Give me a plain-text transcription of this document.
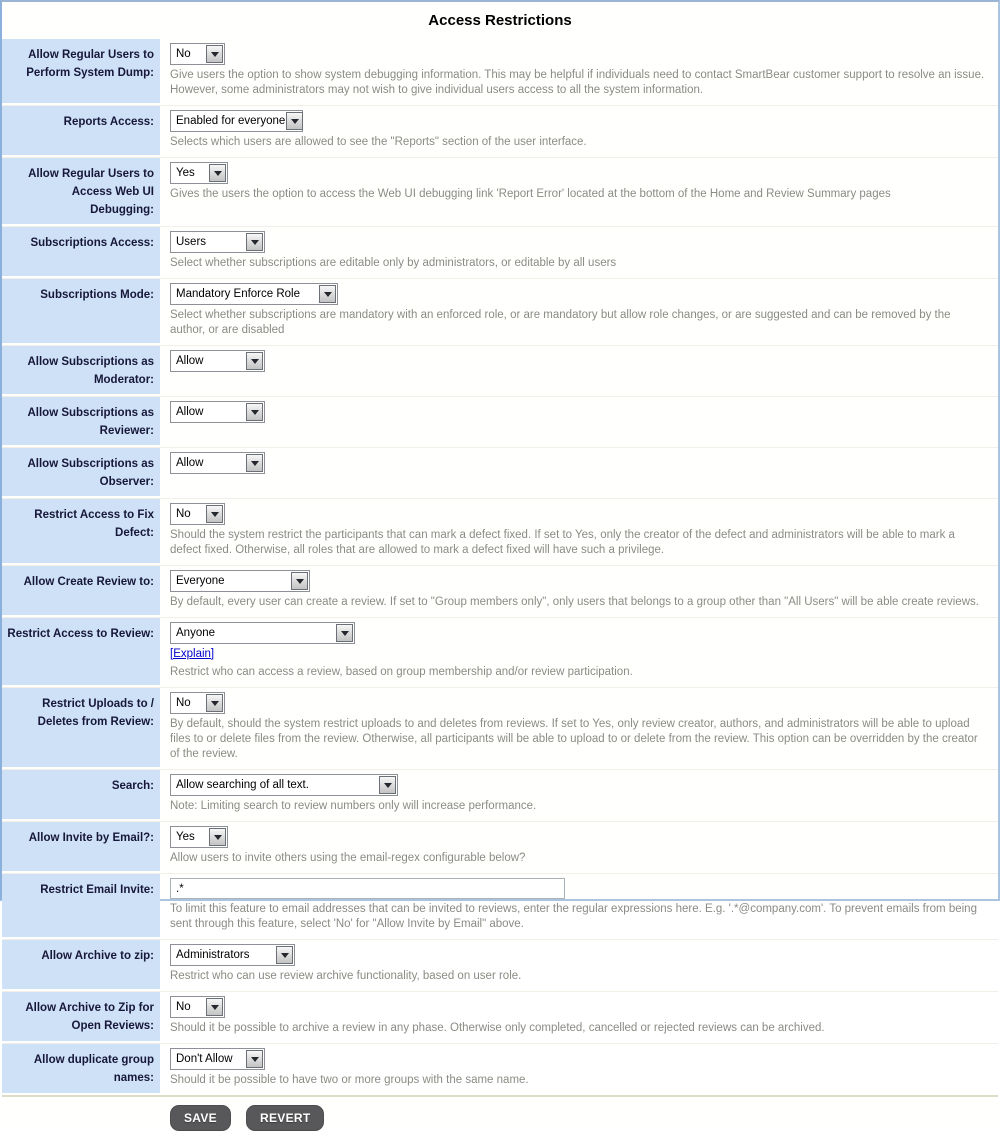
Access Restrictions
Allow Regular Users to Perform System Dump:
No
Give users the option to show system debugging information. This may be helpful if individuals need to contact SmartBear customer support to resolve an issue. However, some administrators may not wish to give individual users access to all the system information.
Reports Access:	Enabled for everyone
Selects which users are allowed to see the "Reports" section of the user interface.
Allow Regular Users to Access Web UI Debugging:
Yes
Gives the users the option to access the Web UI debugging link 'Report Error' located at the bottom of the Home and Review Summary pages
Subscriptions Access:	Users
Select whether subscriptions are editable only by administrators, or editable by all users
Subscriptions Mode:	Mandatory Enforce Role
Select whether subscriptions are mandatory with an enforced role, or are mandatory but allow role changes, or are suggested and can be removed by the author, or are disabled
Allow Subscriptions as Moderator:
Allow
Allow Subscriptions as Reviewer:
Allow
Allow Subscriptions as Observer:
Allow
Restrict Access to Fix Defect:
No
Should the system restrict the participants that can mark a defect fixed. If set to Yes, only the creator of the defect and administrators will be able to mark a defect fixed. Otherwise, all roles that are allowed to mark a defect fixed will have such a privilege.
Allow Create Review to:	Everyone
By default, every user can create a review. If set to "Group members only", only users that belongs to a group other than "All Users" will be able create reviews.
Restrict Access to Review:	Anyone
[Explain]
Restrict who can access a review, based on group membership and/or review participation.
Restrict Uploads to / Deletes from Review:
No
By default, should the system restrict uploads to and deletes from reviews. If set to Yes, only review creator, authors, and administrators will be able to upload files to or delete files from the review. Otherwise, all participants will be able to upload to or delete from the review. This option can be overridden by the creator of the review.
Search:	Allow searching of all text.
Note: Limiting search to review numbers only will increase performance.
Allow Invite by Email?:	Yes
Allow users to invite others using the email-regex configurable below?
Restrict Email Invite:
.*
To limit this feature to email addresses that can be invited to reviews, enter the regular expressions here. E.g. '.*@company.com'. To prevent emails from being sent through this feature, select 'No' for "Allow Invite by Email" above.
Allow Archive to zip:	Administrators
Restrict who can use review archive functionality, based on user role.
Allow Archive to Zip for Open Reviews:
No
Should it be possible to archive a review in any phase. Otherwise only completed, cancelled or rejected reviews can be archived.
Allow duplicate group names:
Don't Allow
Should it be possible to have two or more groups with the same name.
SAVE	REVERT
